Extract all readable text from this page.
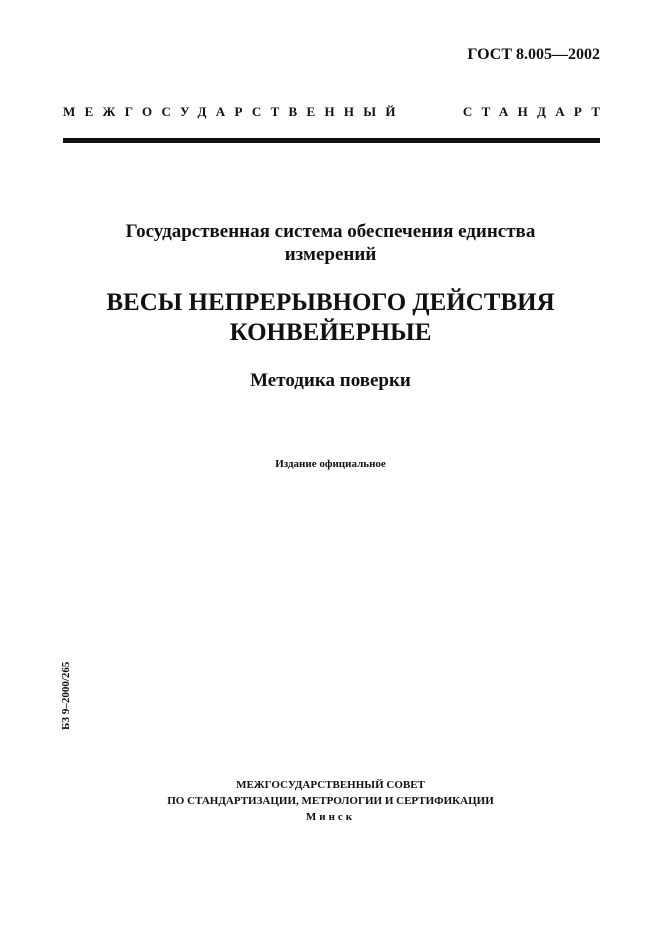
ГОСТ 8.005—2002
МЕЖГОСУДАРСТВЕННЫЙ	СТАНДАРТ
Государственная система обеспечения единства
измерений
ВЕСЫ НЕПРЕРЫВНОГО ДЕЙСТВИЯ
КОНВЕЙЕРНЫЕ
Методика поверки
Издание официальное
БЗ 9–2000/265
МЕЖГОСУДАРСТВЕННЫЙ СОВЕТ
ПО СТАНДАРТИЗАЦИИ, МЕТРОЛОГИИ И СЕРТИФИКАЦИИ
Минск
